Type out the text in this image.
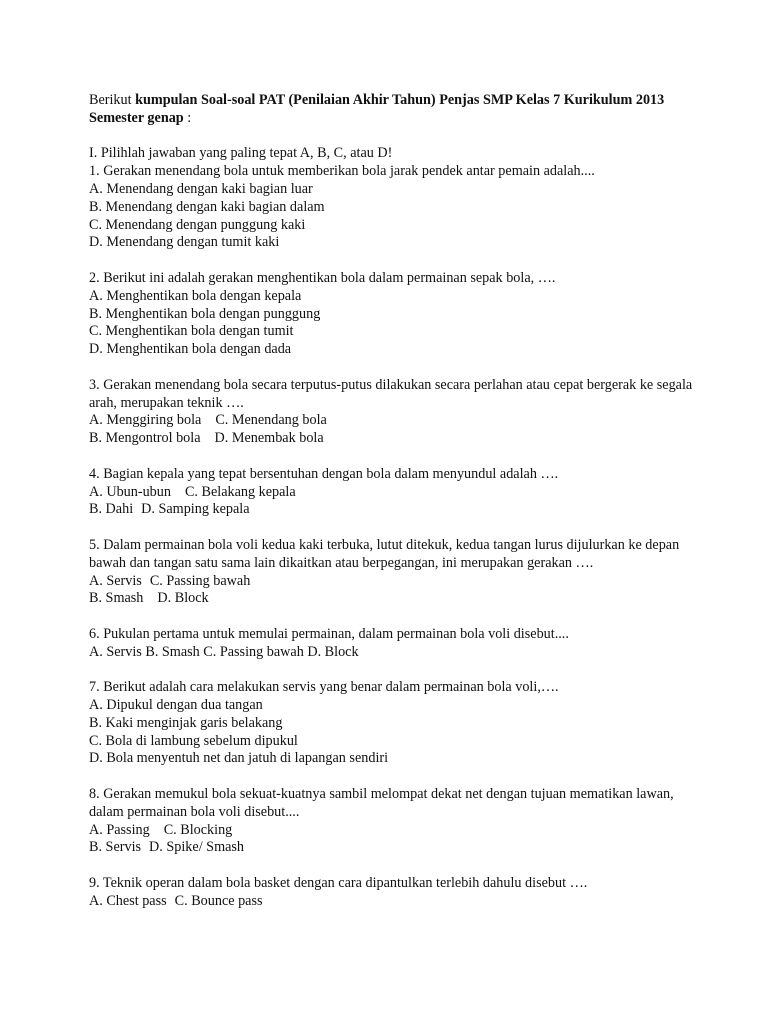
Berikut kumpulan Soal-soal PAT (Penilaian Akhir Tahun) Penjas SMP Kelas 7 Kurikulum 2013 Semester genap :

I. Pilihlah jawaban yang paling tepat A, B, C, atau D!
1. Gerakan menendang bola untuk memberikan bola jarak pendek antar pemain adalah....
A. Menendang dengan kaki bagian luar
B. Menendang dengan kaki bagian dalam
C. Menendang dengan punggung kaki
D. Menendang dengan tumit kaki
2. Berikut ini adalah gerakan menghentikan bola dalam permainan sepak bola, ….
A. Menghentikan bola dengan kepala
B. Menghentikan bola dengan punggung
C. Menghentikan bola dengan tumit
D. Menghentikan bola dengan dada
3. Gerakan menendang bola secara terputus-putus dilakukan secara perlahan atau cepat bergerak ke segala arah, merupakan teknik ….
A. Menggiring bola C. Menendang bola
B. Mengontrol bola D. Menembak bola
4. Bagian kepala yang tepat bersentuhan dengan bola dalam menyundul adalah ….
A. Ubun-ubun C. Belakang kepala
B. Dahi D. Samping kepala
5. Dalam permainan bola voli kedua kaki terbuka, lutut ditekuk, kedua tangan lurus dijulurkan ke depan bawah dan tangan satu sama lain dikaitkan atau berpegangan, ini merupakan gerakan ….
A. Servis C. Passing bawah
B. Smash D. Block
6. Pukulan pertama untuk memulai permainan, dalam permainan bola voli disebut....
A. Servis B. Smash C. Passing bawah D. Block
7. Berikut adalah cara melakukan servis yang benar dalam permainan bola voli,….
A. Dipukul dengan dua tangan
B. Kaki menginjak garis belakang
C. Bola di lambung sebelum dipukul
D. Bola menyentuh net dan jatuh di lapangan sendiri
8. Gerakan memukul bola sekuat-kuatnya sambil melompat dekat net dengan tujuan mematikan lawan, dalam permainan bola voli disebut....
A. Passing C. Blocking
B. Servis D. Spike/ Smash
9. Teknik operan dalam bola basket dengan cara dipantulkan terlebih dahulu disebut ….
A. Chest pass C. Bounce pass
